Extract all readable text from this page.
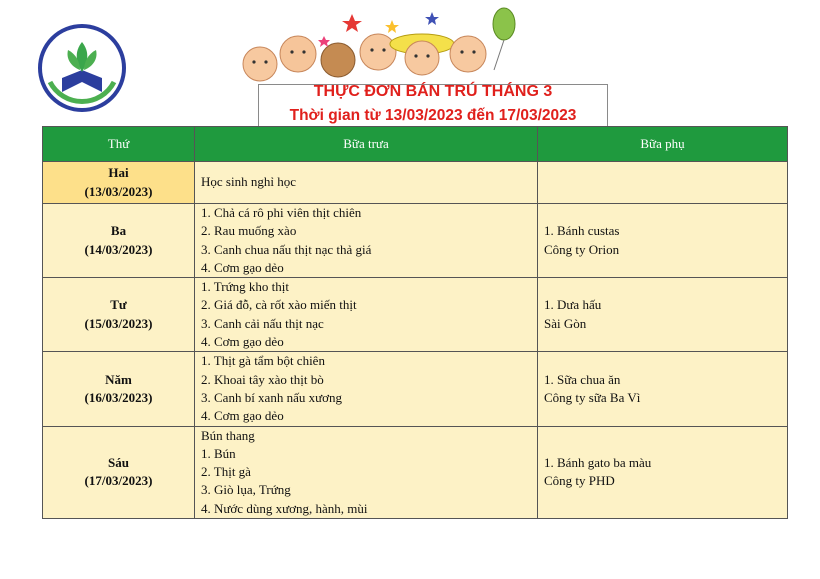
THỰC ĐƠN BÁN TRÚ THÁNG 3
Thời gian từ 13/03/2023 đến 17/03/2023
Thứ	Bữa trưa	Bữa phụ

Hai
(13/03/2023)	Học sinh nghỉ học	

Ba
(14/03/2023)	1. Chả cá rô phi viên thịt chiên
2. Rau muống xào
3. Canh chua nấu thịt nạc thả giá
4. Cơm gạo dẻo	1. Bánh custas
Công ty Orion

Tư
(15/03/2023)	1. Trứng kho thịt
2. Giá đỗ, cà rốt xào miến thịt
3. Canh cải nấu thịt nạc
4. Cơm gạo dẻo	1. Dưa hấu
Sài Gòn

Năm
(16/03/2023)	1. Thịt gà tẩm bột chiên
2. Khoai tây xào thịt bò
3. Canh bí xanh nấu xương
4. Cơm gạo dẻo	1. Sữa chua ăn
Công ty sữa Ba Vì

Sáu
(17/03/2023)	Bún thang
1. Bún
2. Thịt gà
3. Giò lụa, Trứng
4. Nước dùng xương, hành, mùi	1. Bánh gato ba màu
Công ty PHD
